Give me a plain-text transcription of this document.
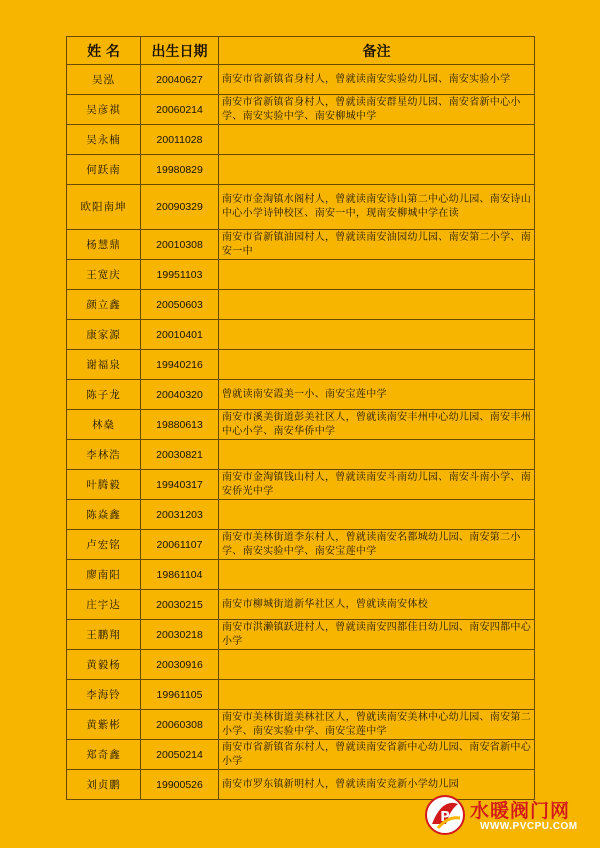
姓 名	出生日期	备注
吴泓	20040627	南安市省新镇省身村人，曾就读南安实验幼儿园、南安实验小学
吴彦祺	20060214	南安市省新镇省身村人，曾就读南安群星幼儿园、南安省新中心小学、南安实验中学、南安柳城中学
吴永楠	20011028	
何跃南	19980829	
欧阳南坤	20090329	南安市金淘镇水阁村人，曾就读南安诗山第二中心幼儿园、南安诗山中心小学诗钟校区、南安一中，现南安柳城中学在读
杨慧鼎	20010308	南安市省新镇油园村人，曾就读南安油园幼儿园、南安第二小学、南安一中
王宽庆	19951103	
颜立鑫	20050603	
康家源	20010401	
谢福泉	19940216	
陈子龙	20040320	曾就读南安霞美一小、南安宝莲中学
林燊	19880613	南安市溪美街道彭美社区人，曾就读南安丰州中心幼儿园、南安丰州中心小学、南安华侨中学
李林浩	20030821	
叶腾毅	19940317	南安市金淘镇钱山村人，曾就读南安斗南幼儿园、南安斗南小学、南安侨光中学
陈焱鑫	20031203	
卢宏铭	20061107	南安市美林街道李东村人，曾就读南安名都城幼儿园、南安第二小学、南安实验中学、南安宝莲中学
廖南阳	19861104	
庄宇达	20030215	南安市柳城街道新华社区人，曾就读南安体校
王鹏翔	20030218	南安市洪濑镇跃进村人，曾就读南安四都佳日幼儿园、南安四都中心小学
黄毅杨	20030916	
李海铃	19961105	
黄紫彬	20060308	南安市美林街道美林社区人，曾就读南安美林中心幼儿园、南安第二小学、南安实验中学、南安宝莲中学
郑奇鑫	20050214	南安市省新镇省东村人，曾就读南安省新中心幼儿园、南安省新中心小学
刘贞鹏	19900526	南安市罗东镇新明村人，曾就读南安竞新小学幼儿园
P 水暖阀门网
WWW.PVCPU.COM
